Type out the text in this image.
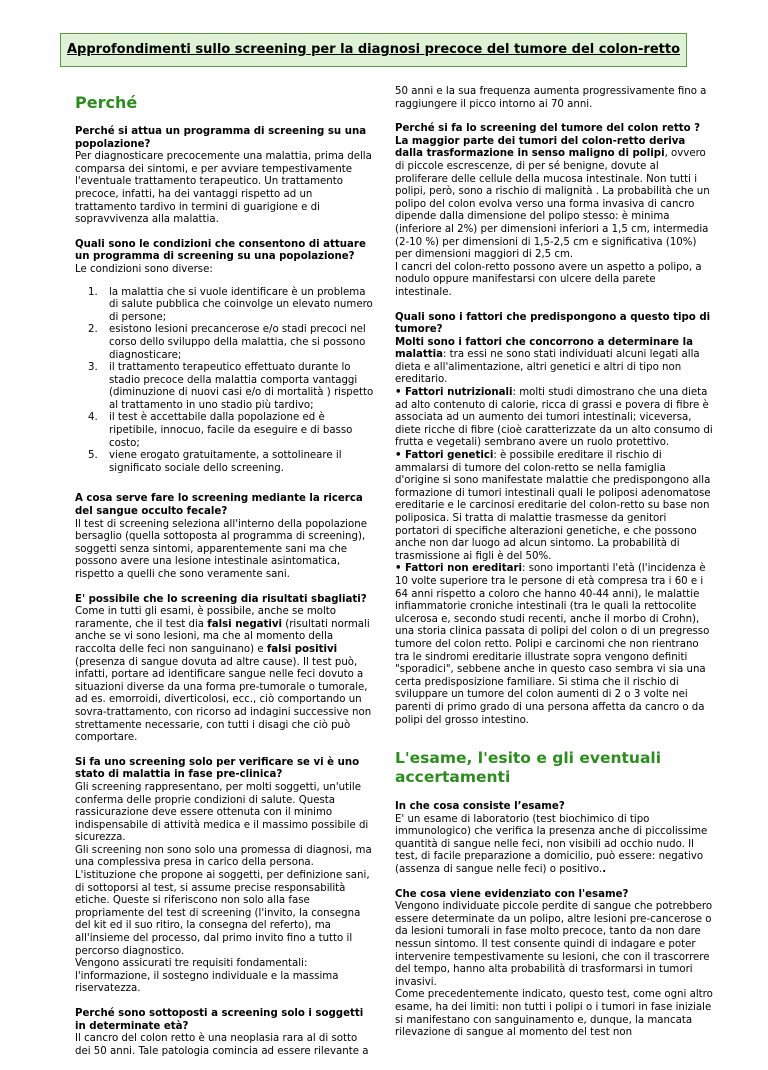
Approfondimenti sullo screening per la diagnosi precoce del tumore del colon-retto
Perché
Perché si attua un programma di screening su una popolazione?
Per diagnosticare precocemente una malattia, prima della comparsa dei sintomi, e per avviare tempestivamente l'eventuale trattamento terapeutico. Un trattamento precoce, infatti, ha dei vantaggi rispetto ad un trattamento tardivo in termini di guarigione e di sopravvivenza alla malattia.
Quali sono le condizioni che consentono di attuare un programma di screening su una popolazione?
Le condizioni sono diverse:
1. la malattia che si vuole identificare è un problema di salute pubblica che coinvolge un elevato numero di persone;
2. esistono lesioni precancerose e/o stadi precoci nel corso dello sviluppo della malattia, che si possono diagnosticare;
3. il trattamento terapeutico effettuato durante lo stadio precoce della malattia comporta vantaggi (diminuzione di nuovi casi e/o di mortalità ) rispetto al trattamento in uno stadio più tardivo;
4. il test è accettabile dalla popolazione ed è ripetibile, innocuo, facile da eseguire e di basso costo;
5. viene erogato gratuitamente, a sottolineare il significato sociale dello screening.
A cosa serve fare lo screening mediante la ricerca del sangue occulto fecale?
Il test di screening seleziona all'interno della popolazione bersaglio (quella sottoposta al programma di screening), soggetti senza sintomi, apparentemente sani ma che possono avere una lesione intestinale asintomatica, rispetto a quelli che sono veramente sani.
E' possibile che lo screening dia risultati sbagliati?
Come in tutti gli esami, è possibile, anche se molto raramente, che il test dia falsi negativi (risultati normali anche se vi sono lesioni, ma che al momento della raccolta delle feci non sanguinano) e falsi positivi (presenza di sangue dovuta ad altre cause). Il test può, infatti, portare ad identificare sangue nelle feci dovuto a situazioni diverse da una forma pre-tumorale o tumorale, ad es. emorroidi, diverticolosi, ecc., ciò comportando un sovra-trattamento, con ricorso ad indagini successive non strettamente necessarie, con tutti i disagi che ciò può comportare.
Si fa uno screening solo per verificare se vi è uno stato di malattia in fase pre-clinica?
Gli screening rappresentano, per molti soggetti, un'utile conferma delle proprie condizioni di salute. Questa rassicurazione deve essere ottenuta con il minimo indispensabile di attività medica e il massimo possibile di sicurezza.
Gli screening non sono solo una promessa di diagnosi, ma una complessiva presa in carico della persona.
L'istituzione che propone ai soggetti, per definizione sani, di sottoporsi al test, si assume precise responsabilità etiche. Queste si riferiscono non solo alla fase propriamente del test di screening (l'invito, la consegna del kit ed il suo ritiro, la consegna del referto), ma all'insieme del processo, dal primo invito fino a tutto il percorso diagnostico.
Vengono assicurati tre requisiti fondamentali: l'informazione, il sostegno individuale e la massima riservatezza.
Perché sono sottoposti a screening solo i soggetti in determinate età?
Il cancro del colon retto è una neoplasia rara al di sotto dei 50 anni. Tale patologia comincia ad essere rilevante a
50 anni e la sua frequenza aumenta progressivamente fino a raggiungere il picco intorno ai 70 anni.
Perché si fa lo screening del tumore del colon retto ?
La maggior parte dei tumori del colon-retto deriva dalla trasformazione in senso maligno di polipi, ovvero di piccole escrescenze, di per sé benigne, dovute al proliferare delle cellule della mucosa intestinale. Non tutti i polipi, però, sono a rischio di malignità . La probabilità che un polipo del colon evolva verso una forma invasiva di cancro dipende dalla dimensione del polipo stesso: è minima (inferiore al 2%) per dimensioni inferiori a 1,5 cm, intermedia (2-10 %) per dimensioni di 1,5-2,5 cm e significativa (10%) per dimensioni maggiori di 2,5 cm.
I cancri del colon-retto possono avere un aspetto a polipo, a nodulo oppure manifestarsi con ulcere della parete intestinale.
Quali sono i fattori che predispongono a questo tipo di tumore?
Molti sono i fattori che concorrono a determinare la malattia: tra essi ne sono stati individuati alcuni legati alla dieta e all'alimentazione, altri genetici e altri di tipo non ereditario.
• Fattori nutrizionali: molti studi dimostrano che una dieta ad alto contenuto di calorie, ricca di grassi e povera di fibre è associata ad un aumento dei tumori intestinali; viceversa, diete ricche di fibre (cioè caratterizzate da un alto consumo di frutta e vegetali) sembrano avere un ruolo protettivo.
• Fattori genetici: è possibile ereditare il rischio di ammalarsi di tumore del colon-retto se nella famiglia d'origine si sono manifestate malattie che predispongono alla formazione di tumori intestinali quali le poliposi adenomatose ereditarie e le carcinosi ereditarie del colon-retto su base non poliposica. Si tratta di malattie trasmesse da genitori portatori di specifiche alterazioni genetiche, e che possono anche non dar luogo ad alcun sintomo. La probabilità di trasmissione ai figli è del 50%.
• Fattori non ereditari: sono importanti l'età (l'incidenza è 10 volte superiore tra le persone di età compresa tra i 60 e i 64 anni rispetto a coloro che hanno 40-44 anni), le malattie infiammatorie croniche intestinali (tra le quali la rettocolite ulcerosa e, secondo studi recenti, anche il morbo di Crohn), una storia clinica passata di polipi del colon o di un pregresso tumore del colon retto. Polipi e carcinomi che non rientrano tra le sindromi ereditarie illustrate sopra vengono definiti "sporadici", sebbene anche in questo caso sembra vi sia una certa predisposizione familiare. Si stima che il rischio di sviluppare un tumore del colon aumenti di 2 o 3 volte nei parenti di primo grado di una persona affetta da cancro o da polipi del grosso intestino.
L'esame, l'esito e gli eventuali accertamenti
In che cosa consiste l’esame?
E' un esame di laboratorio (test biochimico di tipo immunologico) che verifica la presenza anche di piccolissime quantità di sangue nelle feci, non visibili ad occhio nudo. Il test, di facile preparazione a domicilio, può essere: negativo (assenza di sangue nelle feci) o positivo..
Che cosa viene evidenziato con l'esame?
Vengono individuate piccole perdite di sangue che potrebbero essere determinate da un polipo, altre lesioni pre-cancerose o da lesioni tumorali in fase molto precoce, tanto da non dare nessun sintomo. Il test consente quindi di indagare e poter intervenire tempestivamente su lesioni, che con il trascorrere del tempo, hanno alta probabilità di trasformarsi in tumori invasivi.
Come precedentemente indicato, questo test, come ogni altro esame, ha dei limiti: non tutti i polipi o i tumori in fase iniziale si manifestano con sanguinamento e, dunque, la mancata rilevazione di sangue al momento del test non
